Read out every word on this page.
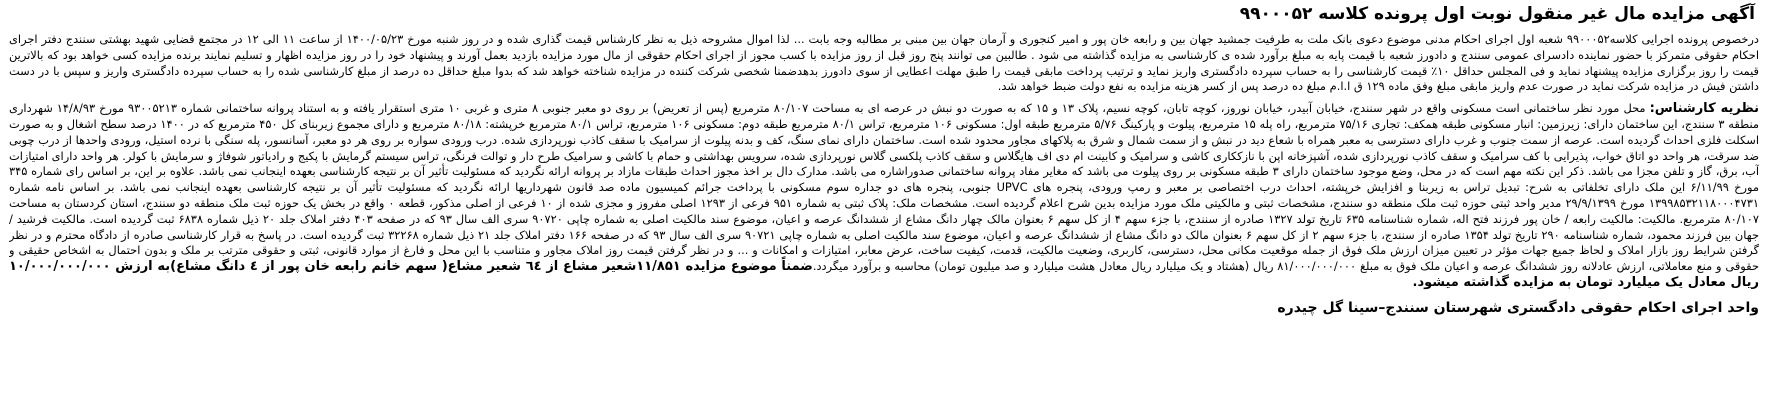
آگهی مزایده مال غیر منقول نوبت اول پرونده کلاسه ۹۹۰۰۰۵۲

درخصوص پرونده اجرایی کلاسه۹۹۰۰۰۵۲ شعبه اول اجرای احکام مدنی موضوع دعوی بانک ملت به طرفیت جمشید جهان بین و رابعه خان پور و امیر کنجوری و آرمان جهان بین مبنی بر مطالبه وجه بابت ... لذا اموال مشروحه ذیل به نظر کارشناس قیمت گذاری شده و در روز شنبه مورخ ۱۴۰۰/۰۵/۲۳ از ساعت ۱۱ الی ۱۲ در مجتمع قضایی شهید بهشتی سنندج دفتر اجرای احکام حقوقی متمرکز با حضور نماینده دادسرای عمومی سنندج و دادورز شعبه با قیمت پایه به مبلغ برآورد شده ی کارشناسی به مزایده گذاشته می شود . طالبین می توانند پنج روز قبل از روز مزایده با کسب مجوز از اجرای احکام حقوقی از مال مورد مزایده بازدید بعمل آورند و پیشنهاد خود را در روز مزایده اظهار و تسلیم نمایند برنده مزایده کسی خواهد بود که بالاترین قیمت را روز برگزاری مزایده پیشنهاد نماید و فی المجلس حداقل ۱۰٪ قیمت کارشناسی را به حساب سپرده دادگستری واریز نماید و ترتیب پرداخت مابقی قیمت را طبق مهلت اعطایی از سوی دادورز بدهدضمنا شخصی شرکت کننده در مزایده شناخته خواهد شد که بدوا مبلغ حداقل ده درصد از مبلغ کارشناسی شده را به حساب سپرده دادگستری واریز و سپس با در دست داشتن فیش در مزایده شرکت نماید در صورت عدم واریز مابقی مبلغ وفق ماده ۱۲۹ ق ا.ا.م مبلغ ده درصد پس از کسر هزینه مزایده به نفع دولت ضبط خواهد شد.

نظریه کارشناس: محل مورد نظر ساختمانی است مسکونی واقع در شهر سنندج، خیابان آبیدر، خیابان نوروز، کوچه تابان، کوچه نسیم، پلاک ۱۳ و ۱۵ که به صورت دو نبش در عرصه ای به مساحت ۸۰/۱۰۷ مترمربع (پس از تعریض) بر روی دو معبر جنوبی ۸ متری و غربی ۱۰ متری استقرار یافته و به استناد پروانه ساختمانی شماره ۹۳۰۰۵۲۱۳ مورخ ۱۴/۸/۹۳ شهرداری منطقه ۳ سنندج، این ساختمان دارای: زیرزمین: انبار مسکونی طبقه همکف: تجاری ۷۵/۱۶ مترمربع، راه پله ۱۵ مترمربع، پیلوت و پارکینگ ۵/۷۶ مترمربع طبقه اول: مسکونی ۱۰۶ مترمربع، تراس ۸۰/۱ مترمربع طبقه دوم: مسکونی ۱۰۶ مترمربع، تراس ۸۰/۱ مترمربع خرپشته: ۸۰/۱۸ مترمربع و دارای مجموع زیربنای کل ۴۵۰ مترمربع که در ۱۴۰۰ درصد سطح اشغال و به صورت اسکلت فلزی احداث گردیده است. عرصه از سمت جنوب و غرب دارای دسترسی به معبر همراه با شعاع دید در نبش و از سمت شمال و شرق به پلاکهای مجاور محدود شده است. ساختمان دارای نمای سنگ، کف و بدنه پیلوت از سرامیک با سقف کاذب نورپردازی شده. درب ورودی سواره بر روی هر دو معبر، آسانسور، پله سنگی با نرده استیل، ورودی واحدها از درب چوبی ضد سرقت، هر واحد دو اتاق خواب، پذیرایی با کف سرامیک و سقف کاذب نورپردازی شده، آشپزخانه اپن با نازککاری کاشی و سرامیک و کابینت ام دی اف هایگلاس و سقف کاذب پلکسی گلاس نورپردازی شده، سرویس بهداشتی و حمام با کاشی و سرامیک طرح دار و توالت فرنگی، تراس سیستم گرمایش با پکیج و رادیاتور شوفاژ و سرمایش با کولر. هر واحد دارای امتیازات آب، برق، گاز و تلفن مجزا می باشد. ذکر این نکته مهم است که در محل، وضع موجود ساختمان دارای ۳ طبقه مسکونی بر روی پیلوت می باشد که مغایر مفاد پروانه ساختمانی صدوراشاره می باشد. مدارک دال بر اخذ مجوز احداث طبقات مازاد بر پروانه ارائه نگردید که مسئولیت تأثیر آن بر نتیجه کارشناسی بعهده اینجانب نمی باشد. علاوه بر این، بر اساس رای شماره ۳۴۵ مورخ ۶/۱۱/۹۹ این ملک دارای تخلفاتی به شرح: تبدیل تراس به زیربنا و افزایش خرپشته، احداث درب اختصاصی بر معبر و رمپ ورودی، پنجره های UPVC جنوبی، پنجره های دو جداره سوم مسکونی با پرداخت جرائم کمیسیون ماده صد قانون شهرداریها ارائه نگردید که مسئولیت تأثیر آن بر نتیجه کارشناسی بعهده اینجانب نمی باشد. بر اساس نامه شماره ۱۳۹۹۸۵۳۲۱۱۸۰۰۰۴۷۳۱ مورخ ۲۹/۹/۱۳۹۹ مدیر واحد ثبتی حوزه ثبت ملک منطقه دو سنندج، مشخصات ثبتی و مالکیتی ملک مورد مزایده بدین شرح اعلام گردیده است. مشخصات ملک: پلاک ثبتی به شماره ۹۵۱ فرعی از ۱۲۹۳ اصلی مفروز و مجزی شده از ۱۰ فرعی از اصلی مذکور، قطعه ۰ واقع در بخش یک حوزه ثبت ملک منطقه دو سنندج، استان کردستان به مساحت ۸۰/۱۰۷ مترمربع. مالکیت: مالکیت رابعه / خان پور فرزند فتح اله، شماره شناسنامه ۶۳۵ تاریخ تولد ۱۳۲۷ صادره از سنندج، با جزء سهم ۴ از کل سهم ۶ بعنوان مالک چهار دانگ مشاع از ششدانگ عرصه و اعیان، موضوع سند مالکیت اصلی به شماره چاپی ۹۰۷۲۰ سری الف سال ۹۳ که در صفحه ۴۰۳ دفتر املاک جلد ۲۰ ذیل شماره ۶۸۳۸ ثبت گردیده است. مالکیت فرشید / جهان بین فرزند محمود، شماره شناسنامه ۲۹۰ تاریخ تولد ۱۳۵۴ صادره از سنندج، با جزء سهم ۲ از کل سهم ۶ بعنوان مالک دو دانگ مشاع از ششدانگ عرصه و اعیان، موضوع سند مالکیت اصلی به شماره چاپی ۹۰۷۲۱ سری الف سال ۹۳ که در صفحه ۱۶۶ دفتر املاک جلد ۲۱ ذیل شماره ۳۲۲۶۸ ثبت گردیده است. در پاسخ به قرار کارشناسی صادره از دادگاه محترم و در نظر گرفتن شرایط روز بازار املاک و لحاظ جمیع جهات مؤثر در تعیین میزان ارزش ملک فوق از جمله موقعیت مکانی محل، دسترسی، کاربری، وضعیت مالکیت، قدمت، کیفیت ساخت، عرض معابر، امتیازات و امکانات و ... و در نظر گرفتن قیمت روز املاک مجاور و متناسب با این محل و فارغ از موارد قانونی، ثبتی و حقوقی مترتب بر ملک و بدون احتمال به اشخاص حقیقی و حقوقی و منع معاملاتی، ارزش عادلانه روز ششدانگ عرصه و اعیان ملک فوق به مبلغ ۸۱/۰۰۰/۰۰۰/۰۰۰ ریال (هشتاد و یک میلیارد ریال معادل هشت میلیارد و صد میلیون تومان) محاسبه و برآورد میگردد.ضمناً موضوع مزایده ۱۱/۸۵۱شعیر مشاع از ٦٤ شعیر مشاع( سهم خانم رابعه خان پور از ٤ دانگ مشاع)به ارزش ۱۰/۰۰۰/۰۰۰/۰۰۰ ریال معادل یک میلیارد تومان به مزایده گذاشته میشود.

واحد اجرای احکام حقوقی دادگستری شهرستان سنندج–سینا گل چیدره
